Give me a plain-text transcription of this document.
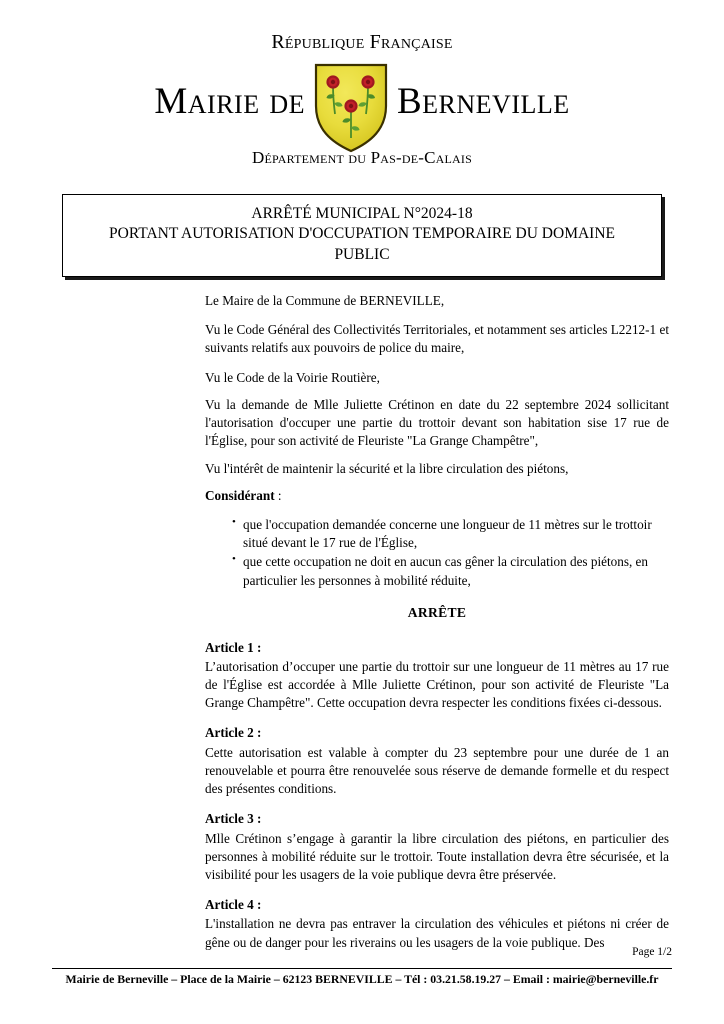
République Française
Mairie de Berneville
Département du Pas-de-Calais
ARRÊTÉ MUNICIPAL N°2024-18
PORTANT AUTORISATION D'OCCUPATION TEMPORAIRE DU DOMAINE
PUBLIC

Le Maire de la Commune de BERNEVILLE,

Vu le Code Général des Collectivités Territoriales, et notamment ses articles L2212-1 et suivants relatifs aux pouvoirs de police du maire,

Vu le Code de la Voirie Routière,

Vu la demande de Mlle Juliette Crétinon en date du 22 septembre 2024 sollicitant l'autorisation d'occuper une partie du trottoir devant son habitation sise 17 rue de l'Église, pour son activité de Fleuriste "La Grange Champêtre",

Vu l'intérêt de maintenir la sécurité et la libre circulation des piétons,

Considérant :

• que l'occupation demandée concerne une longueur de 11 mètres sur le trottoir situé devant le 17 rue de l'Église,
• que cette occupation ne doit en aucun cas gêner la circulation des piétons, en particulier les personnes à mobilité réduite,
ARRÊTE
Article 1 :
L’autorisation d’occuper une partie du trottoir sur une longueur de 11 mètres au 17 rue de l'Église est accordée à Mlle Juliette Crétinon, pour son activité de Fleuriste "La Grange Champêtre". Cette occupation devra respecter les conditions fixées ci-dessous.
Article 2 :
Cette autorisation est valable à compter du 23 septembre pour une durée de 1 an renouvelable et pourra être renouvelée sous réserve de demande formelle et du respect des présentes conditions.
Article 3 :
Mlle Crétinon s’engage à garantir la libre circulation des piétons, en particulier des personnes à mobilité réduite sur le trottoir. Toute installation devra être sécurisée, et la visibilité pour les usagers de la voie publique devra être préservée.
Article 4 :
L'installation ne devra pas entraver la circulation des véhicules et piétons ni créer de gêne ou de danger pour les riverains ou les usagers de la voie publique. Des
Page 1/2
Mairie de Berneville – Place de la Mairie – 62123 BERNEVILLE – Tél : 03.21.58.19.27 – Email : mairie@berneville.fr
